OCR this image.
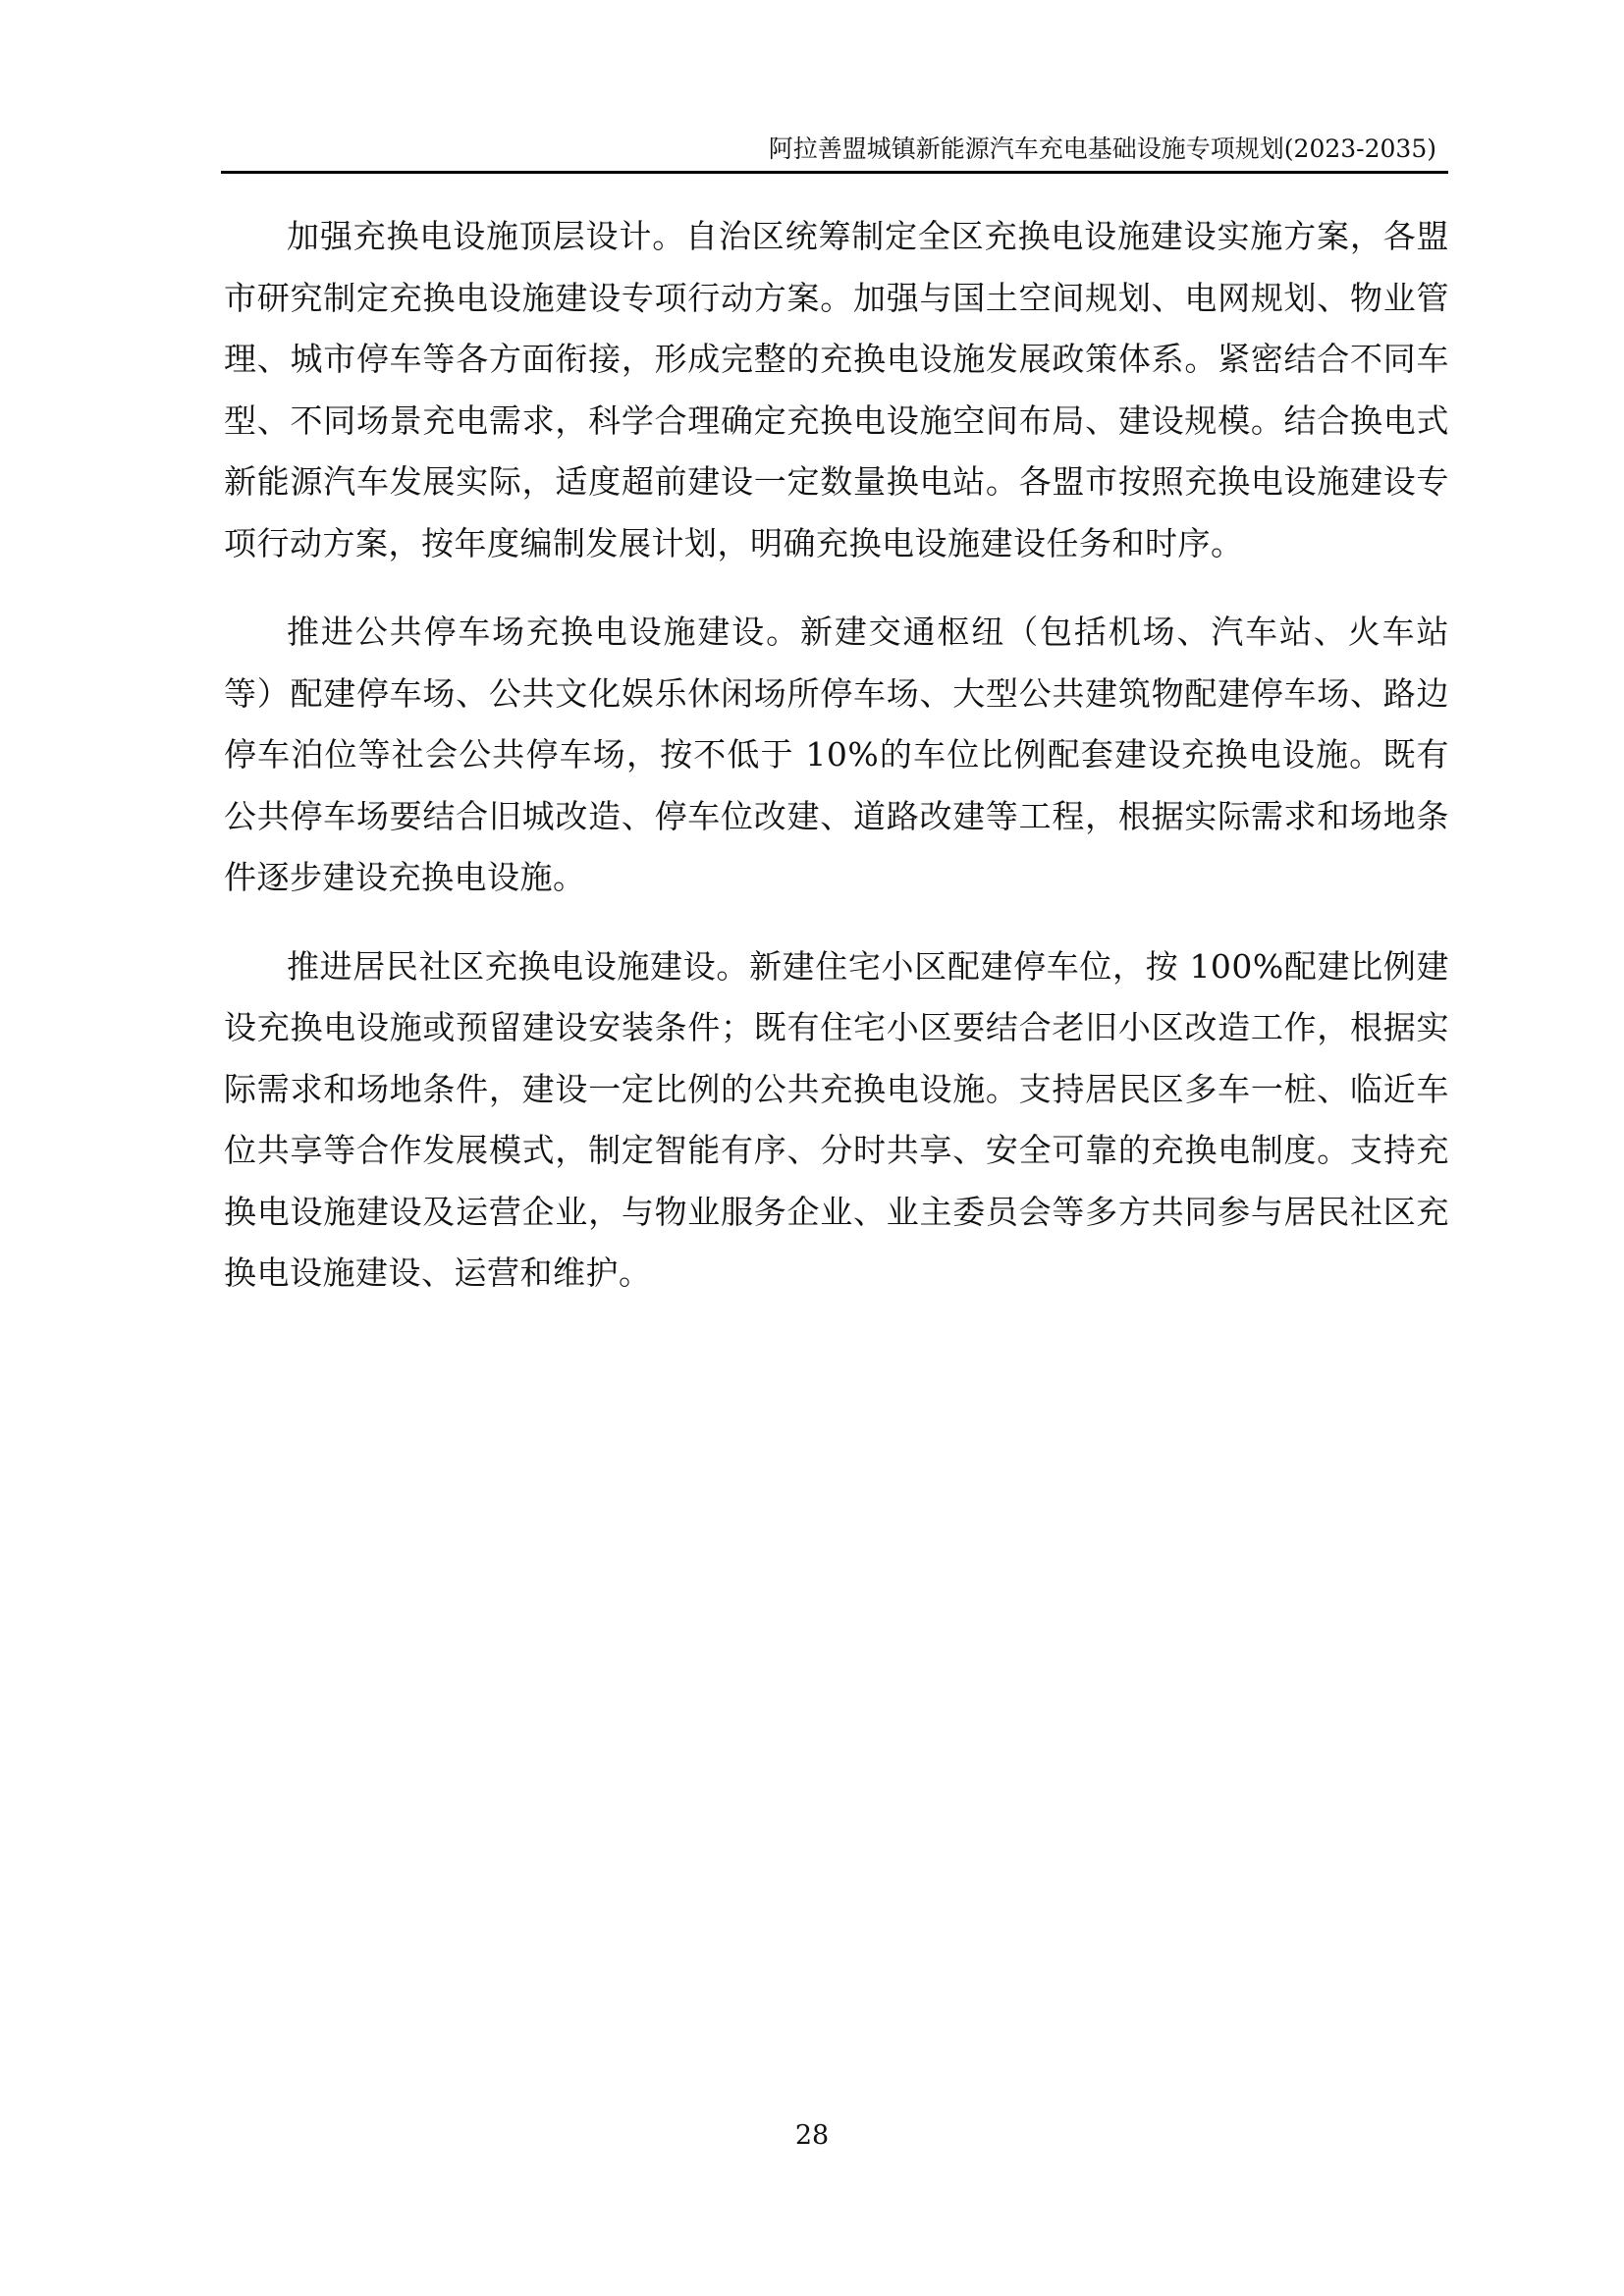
阿拉善盟城镇新能源汽车充电基础设施专项规划(2023-2035)

加强充换电设施顶层设计。自治区统筹制定全区充换电设施建设实施方案，各盟市研究制定充换电设施建设专项行动方案。加强与国土空间规划、电网规划、物业管理、城市停车等各方面衔接，形成完整的充换电设施发展政策体系。紧密结合不同车型、不同场景充电需求，科学合理确定充换电设施空间布局、建设规模。结合换电式新能源汽车发展实际，适度超前建设一定数量换电站。各盟市按照充换电设施建设专项行动方案，按年度编制发展计划，明确充换电设施建设任务和时序。

推进公共停车场充换电设施建设。新建交通枢纽（包括机场、汽车站、火车站等）配建停车场、公共文化娱乐休闲场所停车场、大型公共建筑物配建停车场、路边停车泊位等社会公共停车场，按不低于 10%的车位比例配套建设充换电设施。既有公共停车场要结合旧城改造、停车位改建、道路改建等工程，根据实际需求和场地条件逐步建设充换电设施。

推进居民社区充换电设施建设。新建住宅小区配建停车位，按 100%配建比例建设充换电设施或预留建设安装条件；既有住宅小区要结合老旧小区改造工作，根据实际需求和场地条件，建设一定比例的公共充换电设施。支持居民区多车一桩、临近车位共享等合作发展模式，制定智能有序、分时共享、安全可靠的充换电制度。支持充换电设施建设及运营企业，与物业服务企业、业主委员会等多方共同参与居民社区充换电设施建设、运营和维护。

28
